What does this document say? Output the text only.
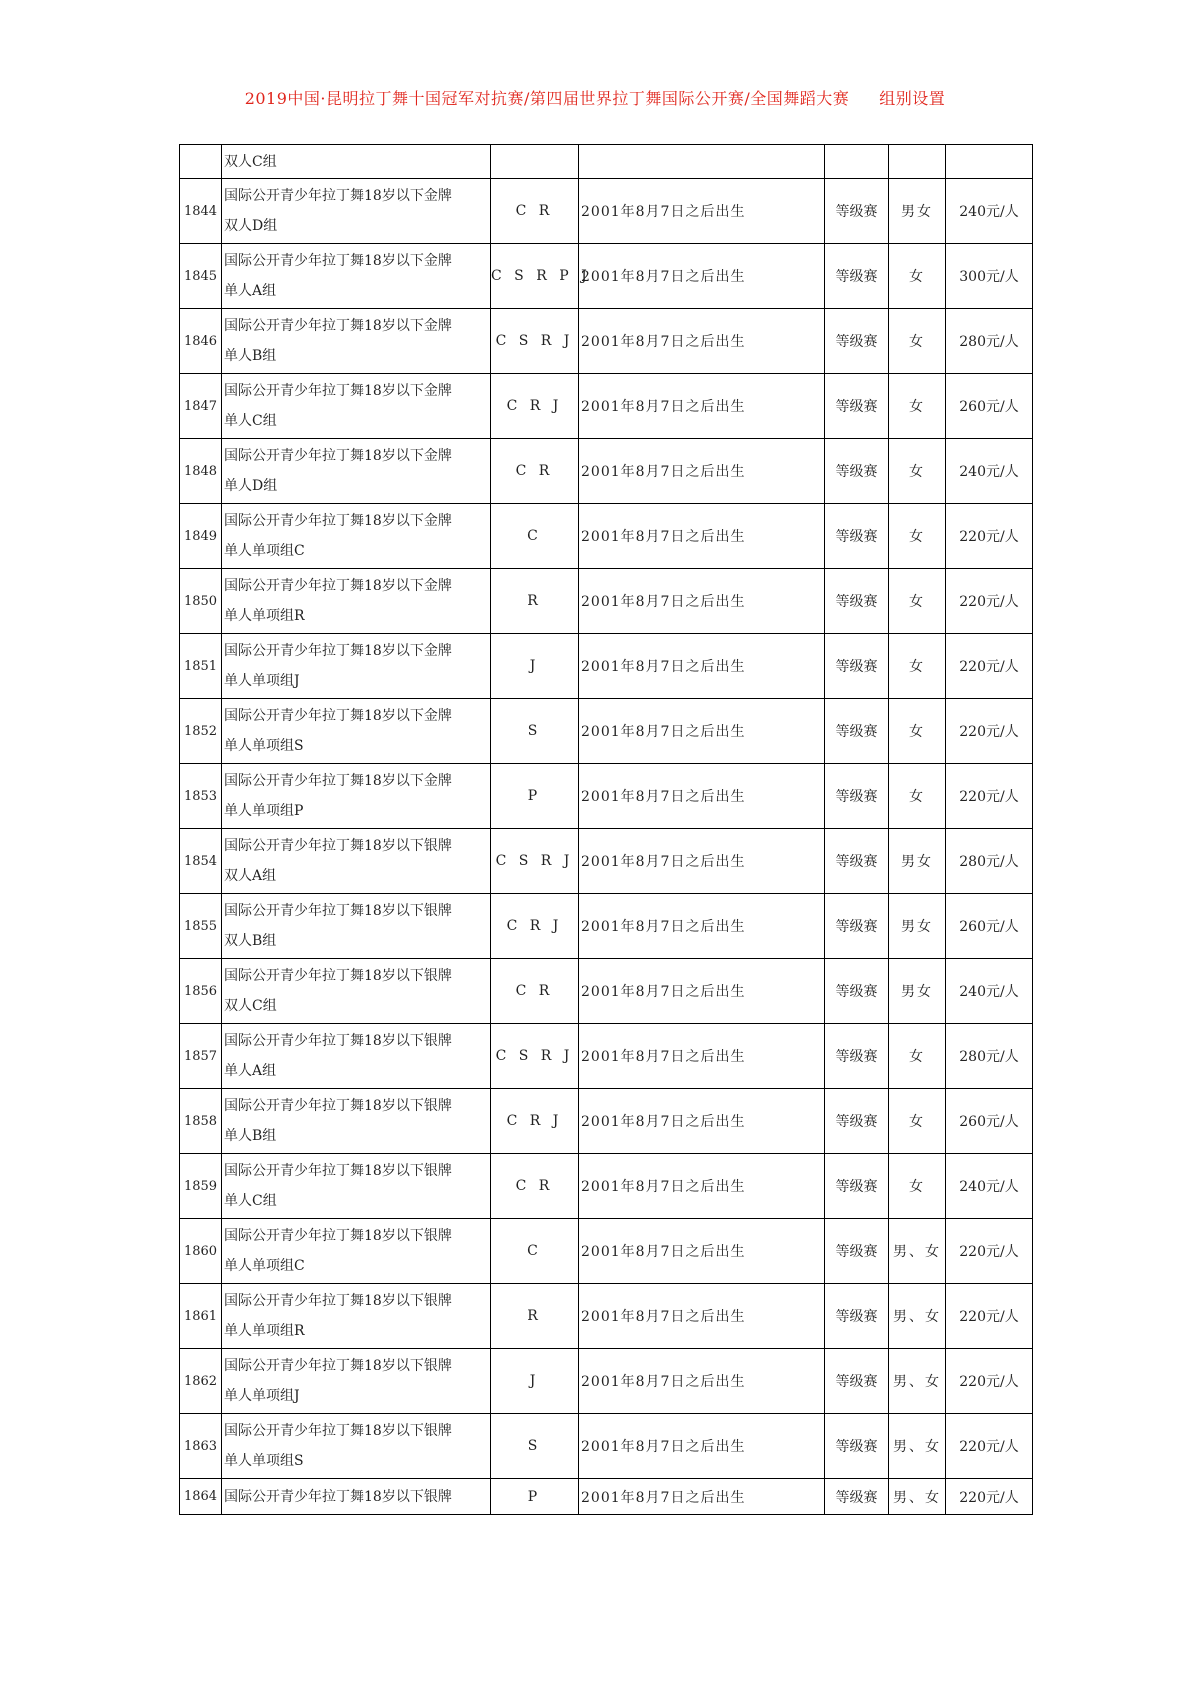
2019中国·昆明拉丁舞十国冠军对抗赛/第四届世界拉丁舞国际公开赛/全国舞蹈大赛 组别设置

	双人C组					

1844	国际公开青少年拉丁舞18岁以下金牌
双人D组	C R	2001年8月7日之后出生	等级赛	男女	240元/人
1845	国际公开青少年拉丁舞18岁以下金牌
单人A组	C S R P J	2001年8月7日之后出生	等级赛	女	300元/人
1846	国际公开青少年拉丁舞18岁以下金牌
单人B组	C S R J	2001年8月7日之后出生	等级赛	女	280元/人
1847	国际公开青少年拉丁舞18岁以下金牌
单人C组	C R J	2001年8月7日之后出生	等级赛	女	260元/人
1848	国际公开青少年拉丁舞18岁以下金牌
单人D组	C R	2001年8月7日之后出生	等级赛	女	240元/人
1849	国际公开青少年拉丁舞18岁以下金牌
单人单项组C	C	2001年8月7日之后出生	等级赛	女	220元/人
1850	国际公开青少年拉丁舞18岁以下金牌
单人单项组R	R	2001年8月7日之后出生	等级赛	女	220元/人
1851	国际公开青少年拉丁舞18岁以下金牌
单人单项组J	J	2001年8月7日之后出生	等级赛	女	220元/人
1852	国际公开青少年拉丁舞18岁以下金牌
单人单项组S	S	2001年8月7日之后出生	等级赛	女	220元/人
1853	国际公开青少年拉丁舞18岁以下金牌
单人单项组P	P	2001年8月7日之后出生	等级赛	女	220元/人
1854	国际公开青少年拉丁舞18岁以下银牌
双人A组	C S R J	2001年8月7日之后出生	等级赛	男女	280元/人
1855	国际公开青少年拉丁舞18岁以下银牌
双人B组	C R J	2001年8月7日之后出生	等级赛	男女	260元/人
1856	国际公开青少年拉丁舞18岁以下银牌
双人C组	C R	2001年8月7日之后出生	等级赛	男女	240元/人
1857	国际公开青少年拉丁舞18岁以下银牌
单人A组	C S R J	2001年8月7日之后出生	等级赛	女	280元/人
1858	国际公开青少年拉丁舞18岁以下银牌
单人B组	C R J	2001年8月7日之后出生	等级赛	女	260元/人
1859	国际公开青少年拉丁舞18岁以下银牌
单人C组	C R	2001年8月7日之后出生	等级赛	女	240元/人
1860	国际公开青少年拉丁舞18岁以下银牌
单人单项组C	C	2001年8月7日之后出生	等级赛	男、女	220元/人
1861	国际公开青少年拉丁舞18岁以下银牌
单人单项组R	R	2001年8月7日之后出生	等级赛	男、女	220元/人
1862	国际公开青少年拉丁舞18岁以下银牌
单人单项组J	J	2001年8月7日之后出生	等级赛	男、女	220元/人
1863	国际公开青少年拉丁舞18岁以下银牌
单人单项组S	S	2001年8月7日之后出生	等级赛	男、女	220元/人
1864	国际公开青少年拉丁舞18岁以下银牌	P	2001年8月7日之后出生	等级赛	男、女	220元/人
